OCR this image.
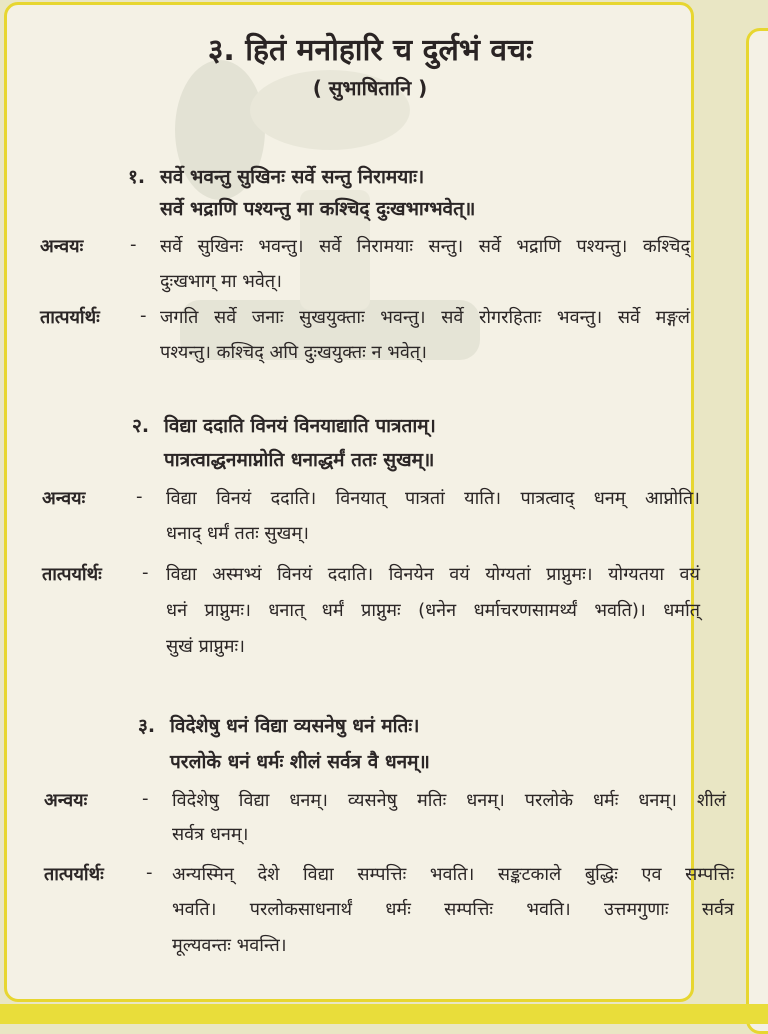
३. हितं मनोहारि च दुर्लभं वचः
( सुभाषितानि )
१. सर्वे भवन्तु सुखिनः सर्वे सन्तु निरामयाः।
सर्वे भद्राणि पश्यन्तु मा कश्चिद् दुःखभाग्भवेत्॥
अन्वयः	- सर्वे सुखिनः भवन्तु। सर्वे निरामयाः सन्तु। सर्वे भद्राणि पश्यन्तु। कश्चिद्
दुःखभाग् मा भवेत्।
तात्पर्यार्थः - जगति सर्वे जनाः सुखयुक्ताः भवन्तु। सर्वे रोगरहिताः भवन्तु। सर्वे मङ्गलं
पश्यन्तु। कश्चिद् अपि दुःखयुक्तः न भवेत्।
२. विद्या ददाति विनयं विनयाद्याति पात्रताम्।
पात्रत्वाद्धनमाप्नोति धनाद्धर्मं ततः सुखम्॥
अन्वयः	- विद्या विनयं ददाति। विनयात् पात्रतां याति। पात्रत्वाद् धनम् आप्नोति।
धनाद् धर्मं ततः सुखम्।
तात्पर्यार्थः - विद्या अस्मभ्यं विनयं ददाति। विनयेन वयं योग्यतां प्राप्नुमः। योग्यतया वयं
धनं प्राप्नुमः। धनात् धर्मं प्राप्नुमः (धनेन धर्माचरणसामर्थ्यं भवति)। धर्मात्
सुखं प्राप्नुमः।
३. विदेशेषु धनं विद्या व्यसनेषु धनं मतिः।
परलोके धनं धर्मः शीलं सर्वत्र वै धनम्॥
अन्वयः	- विदेशेषु विद्या धनम्। व्यसनेषु मतिः धनम्। परलोके धर्मः धनम्। शीलं
सर्वत्र धनम्।
तात्पर्यार्थः - अन्यस्मिन् देशे विद्या सम्पत्तिः भवति। सङ्कटकाले बुद्धिः एव सम्पत्तिः
भवति। परलोकसाधनार्थं धर्मः सम्पत्तिः भवति। उत्तमगुणाः सर्वत्र
मूल्यवन्तः भवन्ति।
